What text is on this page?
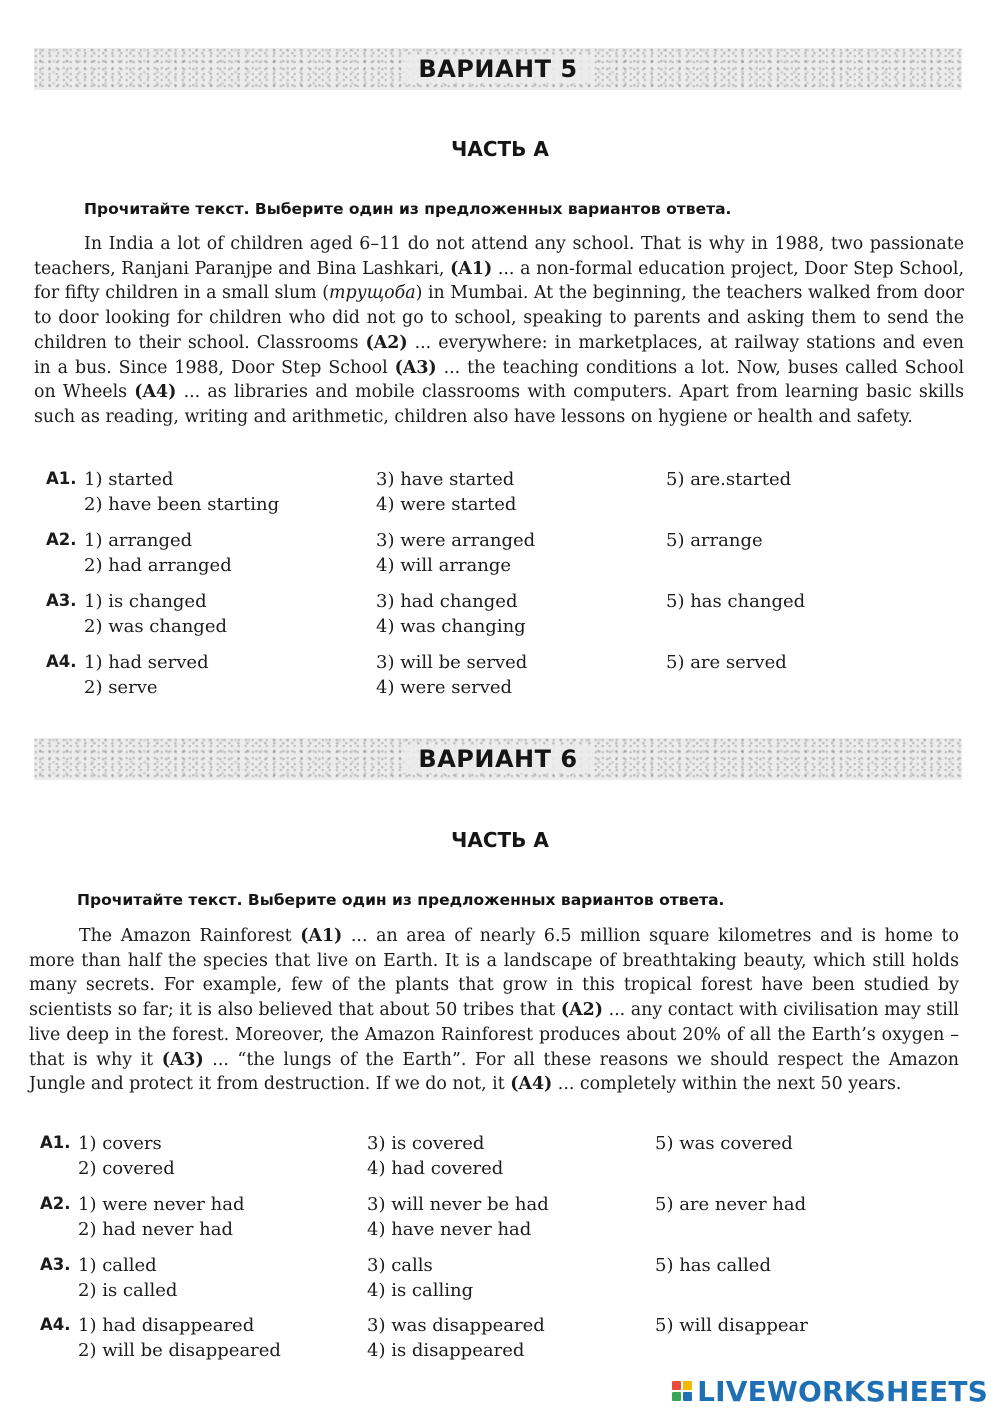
ВАРИАНТ 5
ЧАСТЬ А
Прочитайте текст. Выберите один из предложенных вариантов ответа.

In India a lot of children aged 6–11 do not attend any school. That is why in 1988, two passionate teachers, Ranjani Paranjpe and Bina Lashkari, (A1) ... a non-formal education project, Door Step School, for fifty children in a small slum (трущоба) in Mumbai. At the beginning, the teachers walked from door to door looking for children who did not go to school, speaking to parents and asking them to send the children to their school. Classrooms (A2) ... everywhere: in marketplaces, at railway stations and even in a bus. Since 1988, Door Step School (A3) ... the teaching conditions a lot. Now, buses called School on Wheels (A4) ... as libraries and mobile classrooms with computers. Apart from learning basic skills such as reading, writing and arithmetic, children also have lessons on hygiene or health and safety.

A1. 1) started
2) have been starting
3) have started
4) were started
5) are.started
A2. 1) arranged
2) had arranged
3) were arranged
4) will arrange
5) arrange
A3. 1) is changed
2) was changed
3) had changed
4) was changing
5) has changed
A4. 1) had served
2) serve
3) will be served
4) were served
5) are served
ВАРИАНТ 6
ЧАСТЬ А
Прочитайте текст. Выберите один из предложенных вариантов ответа.

The Amazon Rainforest (A1) ... an area of nearly 6.5 million square kilometres and is home to more than half the species that live on Earth. It is a landscape of breathtaking beauty, which still holds many secrets. For example, few of the plants that grow in this tropical forest have been studied by scientists so far; it is also believed that about 50 tribes that (A2) ... any contact with civilisation may still live deep in the forest. Moreover, the Amazon Rainforest produces about 20% of all the Earth’s oxygen – that is why it (A3) ... “the lungs of the Earth”. For all these reasons we should respect the Amazon Jungle and protect it from destruction. If we do not, it (A4) ... completely within the next 50 years.

A1. 1) covers
2) covered
3) is covered
4) had covered
5) was covered
A2. 1) were never had
2) had never had
3) will never be had
4) have never had
5) are never had
A3. 1) called
2) is called
3) calls
4) is calling
5) has called
A4. 1) had disappeared
2) will be disappeared
3) was disappeared
4) is disappeared
5) will disappear
LIVEWORKSHEETS
